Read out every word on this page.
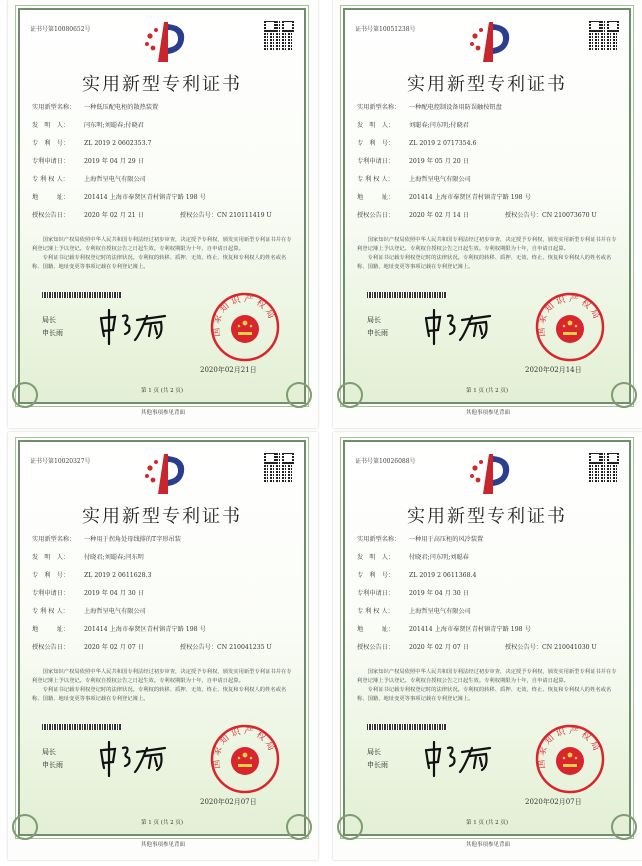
证书号第10080652号
实用新型专利证书
实用新型名称： 一种低压配电柜的散热装置
发　明　人： 闫东明;刘聪春;付晓君
专　利　号： ZL 2019 2 0602353.7
专利申请日： 2019 年 04 月 29 日
专 利 权 人： 上海哲呈电气有限公司
地　　　址： 201414 上海市奉贤区青村镇青宁路 198 号
授权公告日： 2020 年 02 月 21 日	授权公告号：CN 210111419 U

国家知识产权局依照中华人民共和国专利法经过初步审查，决定授予专利权，颁发实用新型专利证书并在专利登记簿上予以登记。专利权自授权公告之日起生效。专利权期限为十年，自申请日起算。

专利证书记载专利权登记时的法律状况。专利权的转移、质押、无效、终止、恢复和专利权人的姓名或名称、国籍、地址变更等事项记载在专利登记簿上。

局长
申长雨	国家知识产权局
2020年02月21日
第 1 页 (共 2 页)
其他事项参见背面
证书号第10051238号
实用新型专利证书
实用新型名称： 一种配电控制设备用防误触按钮盘
发　明　人： 刘聪春;闫东明;付晓君
专　利　号： ZL 2019 2 0717354.6
专利申请日： 2019 年 05 月 20 日
专 利 权 人： 上海哲呈电气有限公司
地　　　址： 201414 上海市奉贤区青村镇青宁路 198 号
授权公告日： 2020 年 02 月 14 日	授权公告号：CN 210073670 U

国家知识产权局依照中华人民共和国专利法经过初步审查，决定授予专利权，颁发实用新型专利证书并在专利登记簿上予以登记。专利权自授权公告之日起生效。专利权期限为十年，自申请日起算。

专利证书记载专利权登记时的法律状况。专利权的转移、质押、无效、终止、恢复和专利权人的姓名或名称、国籍、地址变更等事项记载在专利登记簿上。

局长
申长雨	国家知识产权局
2020年02月14日
第 1 页 (共 2 页)
其他事项参见背面
证书号第10020327号
实用新型专利证书
实用新型名称： 一种用于拐角处母线排的T字形吊装
发　明　人： 付晓君;刘聪春;闫东明
专　利　号： ZL 2019 2 0611628.3
专利申请日： 2019 年 04 月 30 日
专 利 权 人： 上海哲呈电气有限公司
地　　　址： 201414 上海市奉贤区青村镇青宁路 198 号
授权公告日： 2020 年 02 月 07 日	授权公告号：CN 210041235 U

国家知识产权局依照中华人民共和国专利法经过初步审查，决定授予专利权，颁发实用新型专利证书并在专利登记簿上予以登记。专利权自授权公告之日起生效。专利权期限为十年，自申请日起算。

专利证书记载专利权登记时的法律状况。专利权的转移、质押、无效、终止、恢复和专利权人的姓名或名称、国籍、地址变更等事项记载在专利登记簿上。

局长
申长雨	国家知识产权局
2020年02月07日
第 1 页 (共 2 页)
其他事项参见背面
证书号第10026088号
实用新型专利证书
实用新型名称： 一种用于高压柜的风冷装置
发　明　人： 付晓君;闫东明;刘聪春
专　利　号： ZL 2019 2 0611368.4
专利申请日： 2019 年 04 月 30 日
专 利 权 人： 上海哲呈电气有限公司
地　　　址： 201414 上海市奉贤区青村镇青宁路 198 号
授权公告日： 2020 年 02 月 07 日	授权公告号：CN 210041030 U

国家知识产权局依照中华人民共和国专利法经过初步审查，决定授予专利权，颁发实用新型专利证书并在专利登记簿上予以登记。专利权自授权公告之日起生效。专利权期限为十年，自申请日起算。

专利证书记载专利权登记时的法律状况。专利权的转移、质押、无效、终止、恢复和专利权人的姓名或名称、国籍、地址变更等事项记载在专利登记簿上。

局长
申长雨	国家知识产权局
2020年02月07日
第 1 页 (共 2 页)
其他事项参见背面
